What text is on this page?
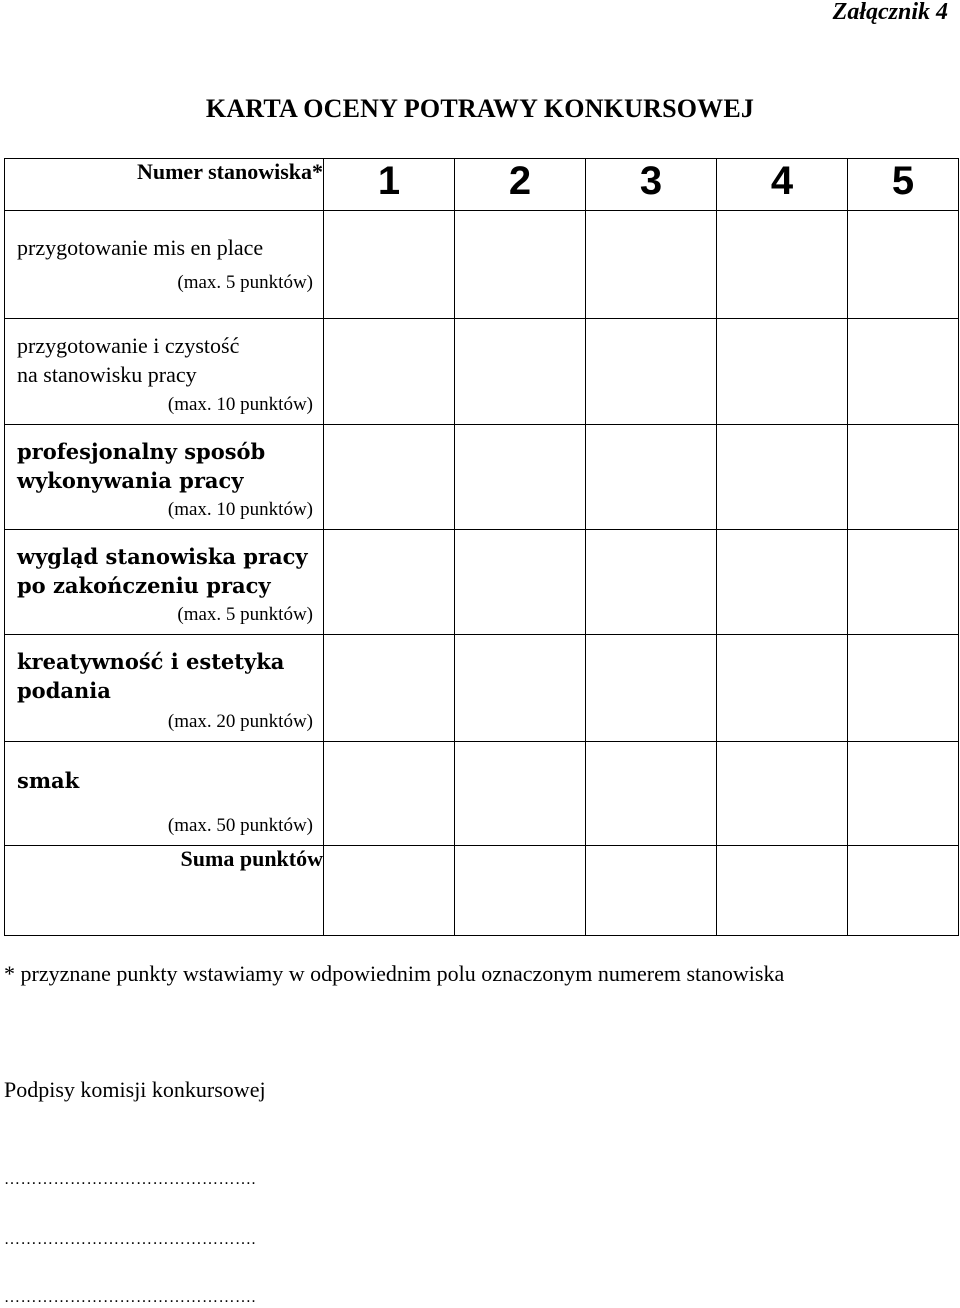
Załącznik 4
KARTA OCENY POTRAWY KONKURSOWEJ
Numer stanowiska*	1	2	3	4	5

przygotowanie mis en place
(max. 5 punktów)					

przygotowanie i czystość
na stanowisku pracy
(max. 10 punktów)					

profesjonalny sposób
wykonywania pracy
(max. 10 punktów)					

wygląd stanowiska pracy
po zakończeniu pracy
(max. 5 punktów)					

kreatywność i estetyka
podania
(max. 20 punktów)					

smak
(max. 50 punktów)					

Suma punktów					
* przyznane punkty wstawiamy w odpowiednim polu oznaczonym numerem stanowiska
Podpisy komisji konkursowej
……………………………………….
……………………………………….
……………………………………….
